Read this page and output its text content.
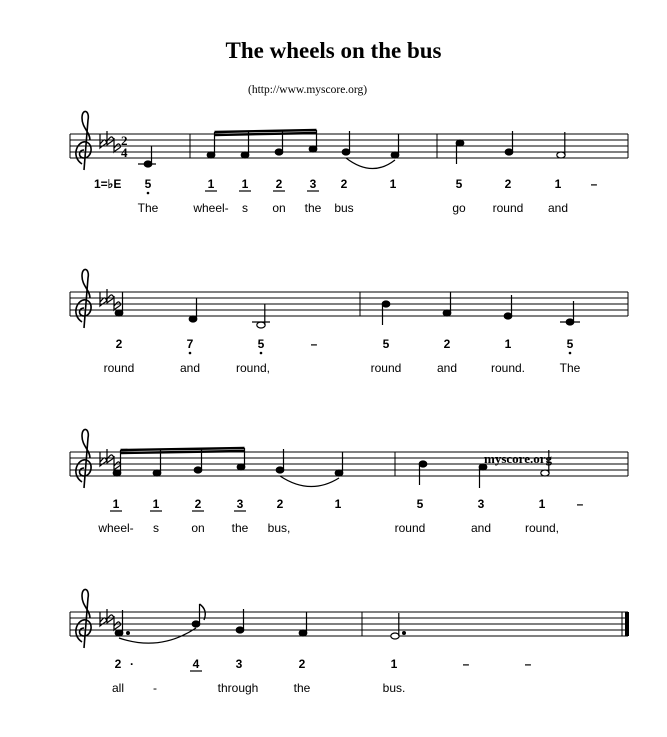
The wheels on the bus
(http://www.myscore.org)
2
4
1=♭E
myscore.org
5	1 1 2 3 2	1	5	2	1 –
2	7	5	–	5	2	1	5
1	1	2	3	2	1	5	3	1	–
2 ·	4	3	2	1	–	–
The	wheel- s on the bus	go round and
round	and	round,	round	and	round.	The
wheel- s	on the bus,	round	and	round,
all -	through	the	bus.
